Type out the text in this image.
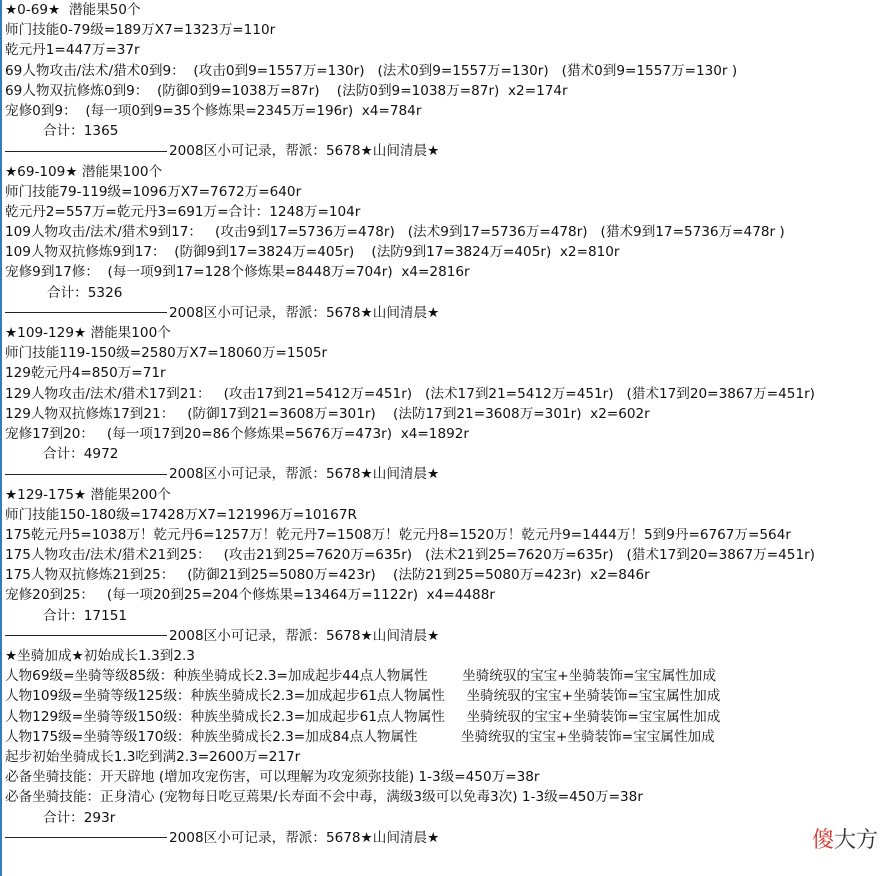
★0-69★  潜能果50个
师门技能0-79级=189万X7=1323万=110r
乾元丹1=447万=37r
69人物攻击/法术/猎术0到9：  (攻击0到9=1557万=130r)   (法术0到9=1557万=130r)   (猎术0到9=1557万=130r )
69人物双抗修炼0到9：  (防御0到9=1038万=87r)    (法防0到9=1038万=87r)  x2=174r
宠修0到9：  (每一项0到9=35个修炼果=2345万=196r)  x4=784r
合计：1365
2008区小可记录，帮派：5678★山间清晨★
★69-109★ 潜能果100个
师门技能79-119级=1096万X7=7672万=640r
乾元丹2=557万=乾元丹3=691万=合计：1248万=104r
109人物攻击/法术/猎术9到17：   (攻击9到17=5736万=478r)   (法术9到17=5736万=478r)   (猎术9到17=5736万=478r )
109人物双抗修炼9到17：  (防御9到17=3824万=405r)    (法防9到17=3824万=405r)  x2=810r
宠修9到17修：  (每一项9到17=128个修炼果=8448万=704r)  x4=2816r
合计：5326
2008区小可记录，帮派：5678★山间清晨★
★109-129★ 潜能果100个
师门技能119-150级=2580万X7=18060万=1505r
129乾元丹4=850万=71r
129人物攻击/法术/猎术17到21：   (攻击17到21=5412万=451r)   (法术17到21=5412万=451r)   (猎术17到20=3867万=451r)
129人物双抗修炼17到21：   (防御17到21=3608万=301r)    (法防17到21=3608万=301r)  x2=602r
宠修17到20：   (每一项17到20=86个修炼果=5676万=473r)  x4=1892r
合计：4972
2008区小可记录，帮派：5678★山间清晨★
★129-175★ 潜能果200个
师门技能150-180级=17428万X7=121996万=10167R
175乾元丹5=1038万！乾元丹6=1257万！乾元丹7=1508万！乾元丹8=1520万！乾元丹9=1444万！5到9丹=6767万=564r
175人物攻击/法术/猎术21到25：   (攻击21到25=7620万=635r)   (法术21到25=7620万=635r)   (猎术17到20=3867万=451r)
175人物双抗修炼21到25：   (防御21到25=5080万=423r)    (法防21到25=5080万=423r)  x2=846r
宠修20到25：   (每一项20到25=204个修炼果=13464万=1122r)  x4=4488r
合计：17151
2008区小可记录，帮派：5678★山间清晨★
★坐骑加成★初始成长1.3到2.3
人物69级=坐骑等级85级：种族坐骑成长2.3=加成起步44点人物属性        坐骑统驭的宝宝+坐骑装饰=宝宝属性加成
人物109级=坐骑等级125级：种族坐骑成长2.3=加成起步61点人物属性     坐骑统驭的宝宝+坐骑装饰=宝宝属性加成
人物129级=坐骑等级150级：种族坐骑成长2.3=加成起步61点人物属性     坐骑统驭的宝宝+坐骑装饰=宝宝属性加成
人物175级=坐骑等级170级：种族坐骑成长2.3=加成84点人物属性          坐骑统驭的宝宝+坐骑装饰=宝宝属性加成
起步初始坐骑成长1.3吃到满2.3=2600万=217r
必备坐骑技能：开天辟地 (增加攻宠伤害，可以理解为攻宠须弥技能) 1-3级=450万=38r
必备坐骑技能：正身清心 (宠物每日吃豆蔫果/长寿面不会中毒，满级3级可以免毒3次) 1-3级=450万=38r
合计：293r
2008区小可记录，帮派：5678★山间清晨★	傻大方
